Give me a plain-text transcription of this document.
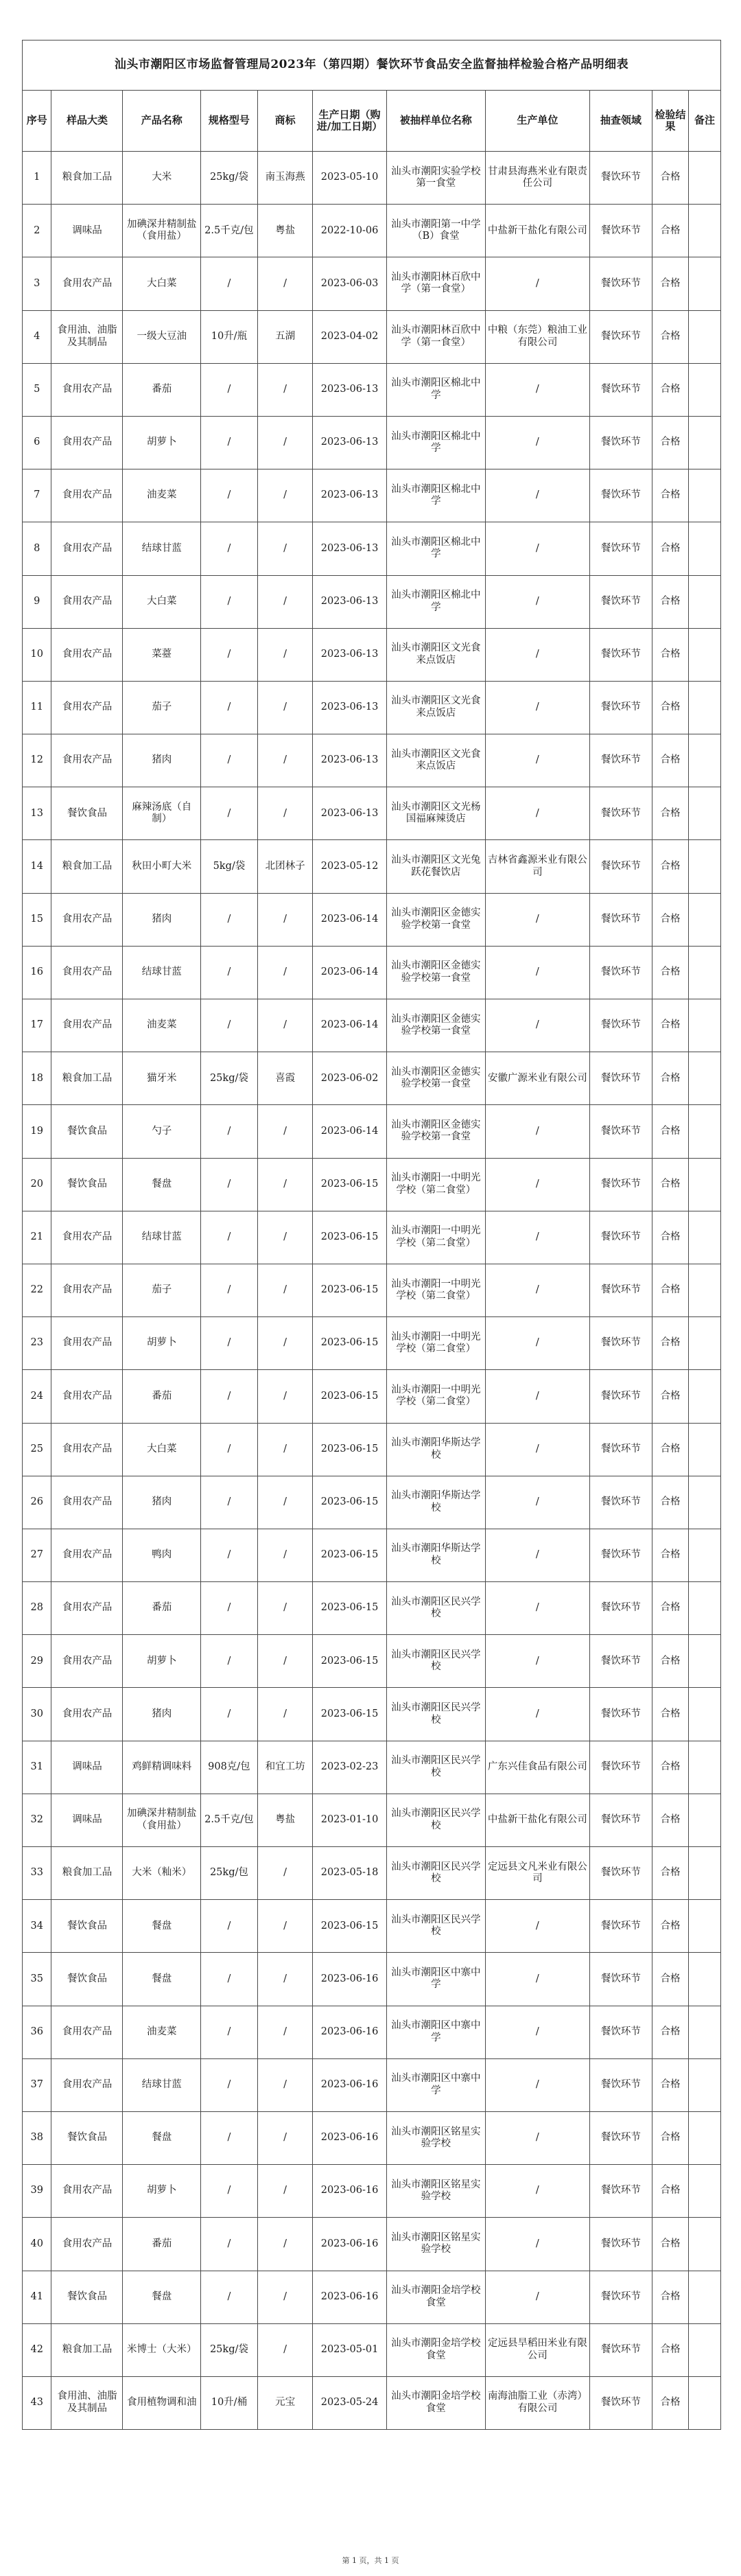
汕头市潮阳区市场监督管理局2023年（第四期）餐饮环节食品安全监督抽样检验合格产品明细表										
序号	样品大类	产品名称	规格型号	商标	生产日期（购进/加工日期）	被抽样单位名称	生产单位	抽查领域	检验结果	备注
1	粮食加工品	大米	25kg/袋	南玉海燕	2023-05-10	汕头市潮阳实验学校第一食堂	甘肃县海燕米业有限责任公司	餐饮环节	合格	
2	调味品	加碘深井精制盐（食用盐）	2.5千克/包	粤盐	2022-10-06	汕头市潮阳第一中学（B）食堂	中盐新干盐化有限公司	餐饮环节	合格	
3	食用农产品	大白菜	/	/	2023-06-03	汕头市潮阳林百欣中学（第一食堂）	/	餐饮环节	合格	
4	食用油、油脂及其制品	一级大豆油	10升/瓶	五湖	2023-04-02	汕头市潮阳林百欣中学（第一食堂）	中粮（东莞）粮油工业有限公司	餐饮环节	合格	
5	食用农产品	番茄	/	/	2023-06-13	汕头市潮阳区棉北中学	/	餐饮环节	合格	
6	食用农产品	胡萝卜	/	/	2023-06-13	汕头市潮阳区棉北中学	/	餐饮环节	合格	
7	食用农产品	油麦菜	/	/	2023-06-13	汕头市潮阳区棉北中学	/	餐饮环节	合格	
8	食用农产品	结球甘蓝	/	/	2023-06-13	汕头市潮阳区棉北中学	/	餐饮环节	合格	
9	食用农产品	大白菜	/	/	2023-06-13	汕头市潮阳区棉北中学	/	餐饮环节	合格	
10	食用农产品	菜薹	/	/	2023-06-13	汕头市潮阳区文光食来点饭店	/	餐饮环节	合格	
11	食用农产品	茄子	/	/	2023-06-13	汕头市潮阳区文光食来点饭店	/	餐饮环节	合格	
12	食用农产品	猪肉	/	/	2023-06-13	汕头市潮阳区文光食来点饭店	/	餐饮环节	合格	
13	餐饮食品	麻辣汤底（自制）	/	/	2023-06-13	汕头市潮阳区文光杨国福麻辣烫店	/	餐饮环节	合格	
14	粮食加工品	秋田小町大米	5kg/袋	北团林子	2023-05-12	汕头市潮阳区文光兔跃花餐饮店	吉林省鑫源米业有限公司	餐饮环节	合格	
15	食用农产品	猪肉	/	/	2023-06-14	汕头市潮阳区金德实验学校第一食堂	/	餐饮环节	合格	
16	食用农产品	结球甘蓝	/	/	2023-06-14	汕头市潮阳区金德实验学校第一食堂	/	餐饮环节	合格	
17	食用农产品	油麦菜	/	/	2023-06-14	汕头市潮阳区金德实验学校第一食堂	/	餐饮环节	合格	
18	粮食加工品	猫牙米	25kg/袋	喜霞	2023-06-02	汕头市潮阳区金德实验学校第一食堂	安徽广源米业有限公司	餐饮环节	合格	
19	餐饮食品	勺子	/	/	2023-06-14	汕头市潮阳区金德实验学校第一食堂	/	餐饮环节	合格	
20	餐饮食品	餐盘	/	/	2023-06-15	汕头市潮阳一中明光学校（第二食堂）	/	餐饮环节	合格	
21	食用农产品	结球甘蓝	/	/	2023-06-15	汕头市潮阳一中明光学校（第二食堂）	/	餐饮环节	合格	
22	食用农产品	茄子	/	/	2023-06-15	汕头市潮阳一中明光学校（第二食堂）	/	餐饮环节	合格	
23	食用农产品	胡萝卜	/	/	2023-06-15	汕头市潮阳一中明光学校（第二食堂）	/	餐饮环节	合格	
24	食用农产品	番茄	/	/	2023-06-15	汕头市潮阳一中明光学校（第二食堂）	/	餐饮环节	合格	
25	食用农产品	大白菜	/	/	2023-06-15	汕头市潮阳华斯达学校	/	餐饮环节	合格	
26	食用农产品	猪肉	/	/	2023-06-15	汕头市潮阳华斯达学校	/	餐饮环节	合格	
27	食用农产品	鸭肉	/	/	2023-06-15	汕头市潮阳华斯达学校	/	餐饮环节	合格	
28	食用农产品	番茄	/	/	2023-06-15	汕头市潮阳区民兴学校	/	餐饮环节	合格	
29	食用农产品	胡萝卜	/	/	2023-06-15	汕头市潮阳区民兴学校	/	餐饮环节	合格	
30	食用农产品	猪肉	/	/	2023-06-15	汕头市潮阳区民兴学校	/	餐饮环节	合格	
31	调味品	鸡鲜精调味料	908克/包	和宜工坊	2023-02-23	汕头市潮阳区民兴学校	广东兴佳食品有限公司	餐饮环节	合格	
32	调味品	加碘深井精制盐（食用盐）	2.5千克/包	粤盐	2023-01-10	汕头市潮阳区民兴学校	中盐新干盐化有限公司	餐饮环节	合格	
33	粮食加工品	大米（籼米）	25kg/包	/	2023-05-18	汕头市潮阳区民兴学校	定远县文凡米业有限公司	餐饮环节	合格	
34	餐饮食品	餐盘	/	/	2023-06-15	汕头市潮阳区民兴学校	/	餐饮环节	合格	
35	餐饮食品	餐盘	/	/	2023-06-16	汕头市潮阳区中寨中学	/	餐饮环节	合格	
36	食用农产品	油麦菜	/	/	2023-06-16	汕头市潮阳区中寨中学	/	餐饮环节	合格	
37	食用农产品	结球甘蓝	/	/	2023-06-16	汕头市潮阳区中寨中学	/	餐饮环节	合格	
38	餐饮食品	餐盘	/	/	2023-06-16	汕头市潮阳区铭星实验学校	/	餐饮环节	合格	
39	食用农产品	胡萝卜	/	/	2023-06-16	汕头市潮阳区铭星实验学校	/	餐饮环节	合格	
40	食用农产品	番茄	/	/	2023-06-16	汕头市潮阳区铭星实验学校	/	餐饮环节	合格	
41	餐饮食品	餐盘	/	/	2023-06-16	汕头市潮阳金培学校食堂	/	餐饮环节	合格	
42	粮食加工品	米博士（大米）	25kg/袋	/	2023-05-01	汕头市潮阳金培学校食堂	定远县旱稻田米业有限公司	餐饮环节	合格	
43	食用油、油脂及其制品	食用植物调和油	10升/桶	元宝	2023-05-24	汕头市潮阳金培学校食堂	南海油脂工业（赤湾）有限公司	餐饮环节	合格	
第 1 页，共 1 页
